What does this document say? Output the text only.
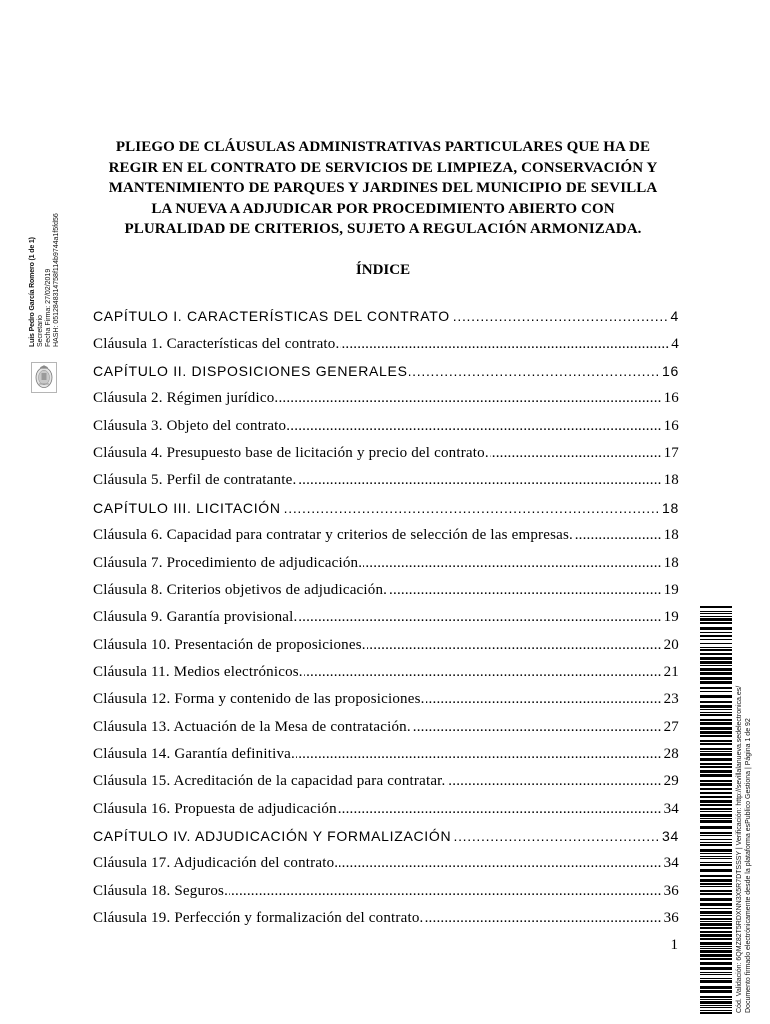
Luis Pedro García Romero (1 de 1) Secretario Fecha Firma: 27/02/2019 HASH: 0512848314758f114b9744a1f5fd56
PLIEGO DE CLÁUSULAS ADMINISTRATIVAS PARTICULARES QUE HA DE
REGIR EN EL CONTRATO DE SERVICIOS DE LIMPIEZA, CONSERVACIÓN Y
MANTENIMIENTO DE PARQUES Y JARDINES DEL MUNICIPIO DE SEVILLA
LA NUEVA A ADJUDICAR POR PROCEDIMIENTO ABIERTO CON
PLURALIDAD DE CRITERIOS, SUJETO A REGULACIÓN ARMONIZADA.
ÍNDICE
CAPÍTULO I. CARACTERÍSTICAS DEL CONTRATO .....	4
Cláusula 1. Características del contrato. .....	4
CAPÍTULO II. DISPOSICIONES GENERALES .....	16
Cláusula 2. Régimen jurídico. .....	16
Cláusula 3. Objeto del contrato. .....	16
Cláusula 4. Presupuesto base de licitación y precio del contrato. .....	17
Cláusula 5. Perfil de contratante. .....	18
CAPÍTULO III. LICITACIÓN .....	18
Cláusula 6. Capacidad para contratar y criterios de selección de las empresas. .....	18
Cláusula 7. Procedimiento de adjudicación. .....	18
Cláusula 8. Criterios objetivos de adjudicación. .....	19
Cláusula 9. Garantía provisional. .....	19
Cláusula 10. Presentación de proposiciones. .....	20
Cláusula 11. Medios electrónicos. .....	21
Cláusula 12. Forma y contenido de las proposiciones. .....	23
Cláusula 13. Actuación de la Mesa de contratación. .....	27
Cláusula 14. Garantía definitiva. .....	28
Cláusula 15. Acreditación de la capacidad para contratar. .....	29
Cláusula 16. Propuesta de adjudicación .....	34
CAPÍTULO IV. ADJUDICACIÓN Y FORMALIZACIÓN .....	34
Cláusula 17. Adjudicación del contrato. .....	34
Cláusula 18. Seguros. .....	36
Cláusula 19. Perfección y formalización del contrato. .....	36
1	Cód. Validación: 6QMZ82T5RDXNN3X5R7DTSSSY | Verificación: http://sevillalanueva.sedelectronica.es/ Documento firmado electrónicamente desde la plataforma esPublico Gestiona | Página 1 de 92
